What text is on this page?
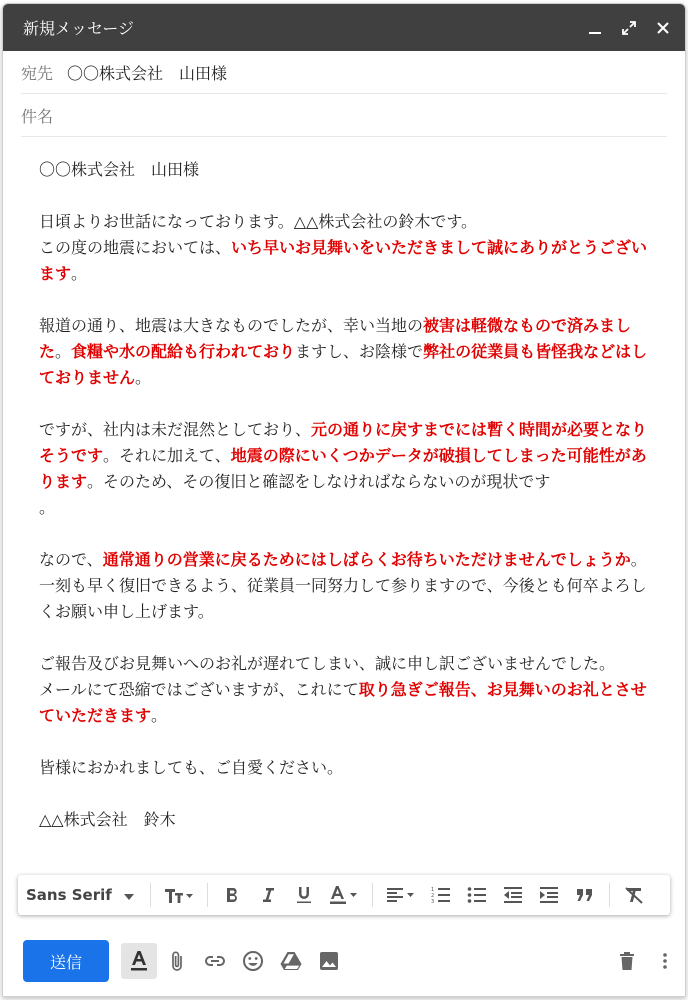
新規メッセージ
宛先 〇〇株式会社　山田様
件名

〇〇株式会社　山田様

日頃よりお世話になっております。△△株式会社の鈴木です。
この度の地震においては、いち早いお見舞いをいただきまして誠にありがとうございます。

報道の通り、地震は大きなものでしたが、幸い当地の被害は軽微なもので済みました。食糧や水の配給も行われておりますし、お陰様で弊社の従業員も皆怪我などはしておりません。

ですが、社内は未だ混然としており、元の通りに戻すまでには暫く時間が必要となりそうです。それに加えて、地震の際にいくつかデータが破損してしまった可能性があります。そのため、その復旧と確認をしなければならないのが現状です
。

なので、通常通りの営業に戻るためにはしばらくお待ちいただけませんでしょうか。一刻も早く復旧できるよう、従業員一同努力して参りますので、今後とも何卒よろしくお願い申し上げます。

ご報告及びお見舞いへのお礼が遅れてしまい、誠に申し訳ございませんでした。
メールにて恐縮ではございますが、これにて取り急ぎご報告、お見舞いのお礼とさせていただきます。

皆様におかれましても、ご自愛ください。

△△株式会社　鈴木

Sans Serif	1
2
3
送信
